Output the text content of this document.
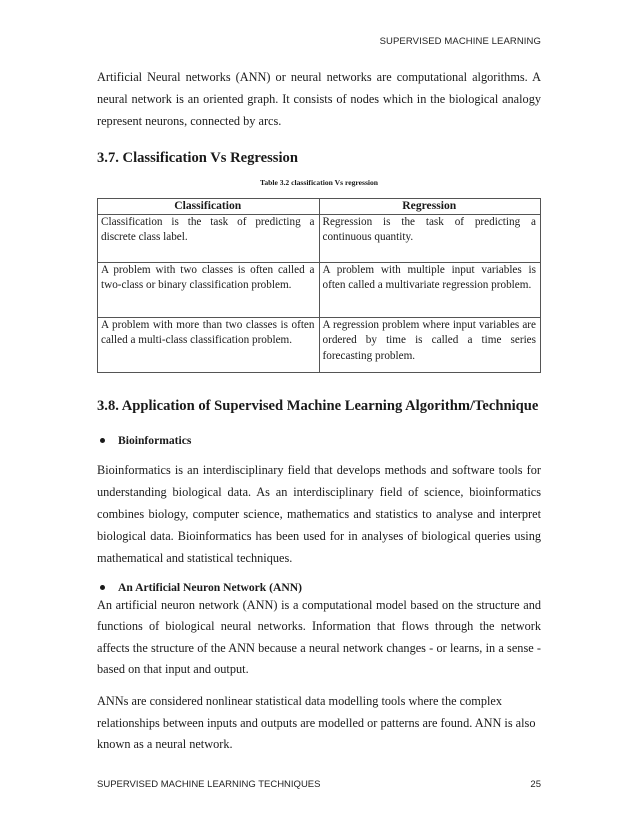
SUPERVISED MACHINE LEARNING

Artificial Neural networks (ANN) or neural networks are computational algorithms. A neural network is an oriented graph. It consists of nodes which in the biological analogy represent neurons, connected by arcs.

3.7. Classification Vs Regression

Table 3.2 classification Vs regression

Classification	Regression
Classification is the task of predicting a discrete class label.	Regression is the task of predicting a continuous quantity.
A problem with two classes is often called a two-class or binary classification problem.	A problem with multiple input variables is often called a multivariate regression problem.
A problem with more than two classes is often called a multi-class classification problem.	A regression problem where input variables are ordered by time is called a time series forecasting problem.
3.8. Application of Supervised Machine Learning Algorithm/Technique
Bioinformatics

Bioinformatics is an interdisciplinary field that develops methods and software tools for understanding biological data. As an interdisciplinary field of science, bioinformatics combines biology, computer science, mathematics and statistics to analyse and interpret biological data. Bioinformatics has been used for in analyses of biological queries using mathematical and statistical techniques.

An Artificial Neuron Network (ANN)

An artificial neuron network (ANN) is a computational model based on the structure and functions of biological neural networks. Information that flows through the network affects the structure of the ANN because a neural network changes - or learns, in a sense - based on that input and output.

ANNs are considered nonlinear statistical data modelling tools where the complex relationships between inputs and outputs are modelled or patterns are found. ANN is also known as a neural network.

SUPERVISED MACHINE LEARNING TECHNIQUES	25
